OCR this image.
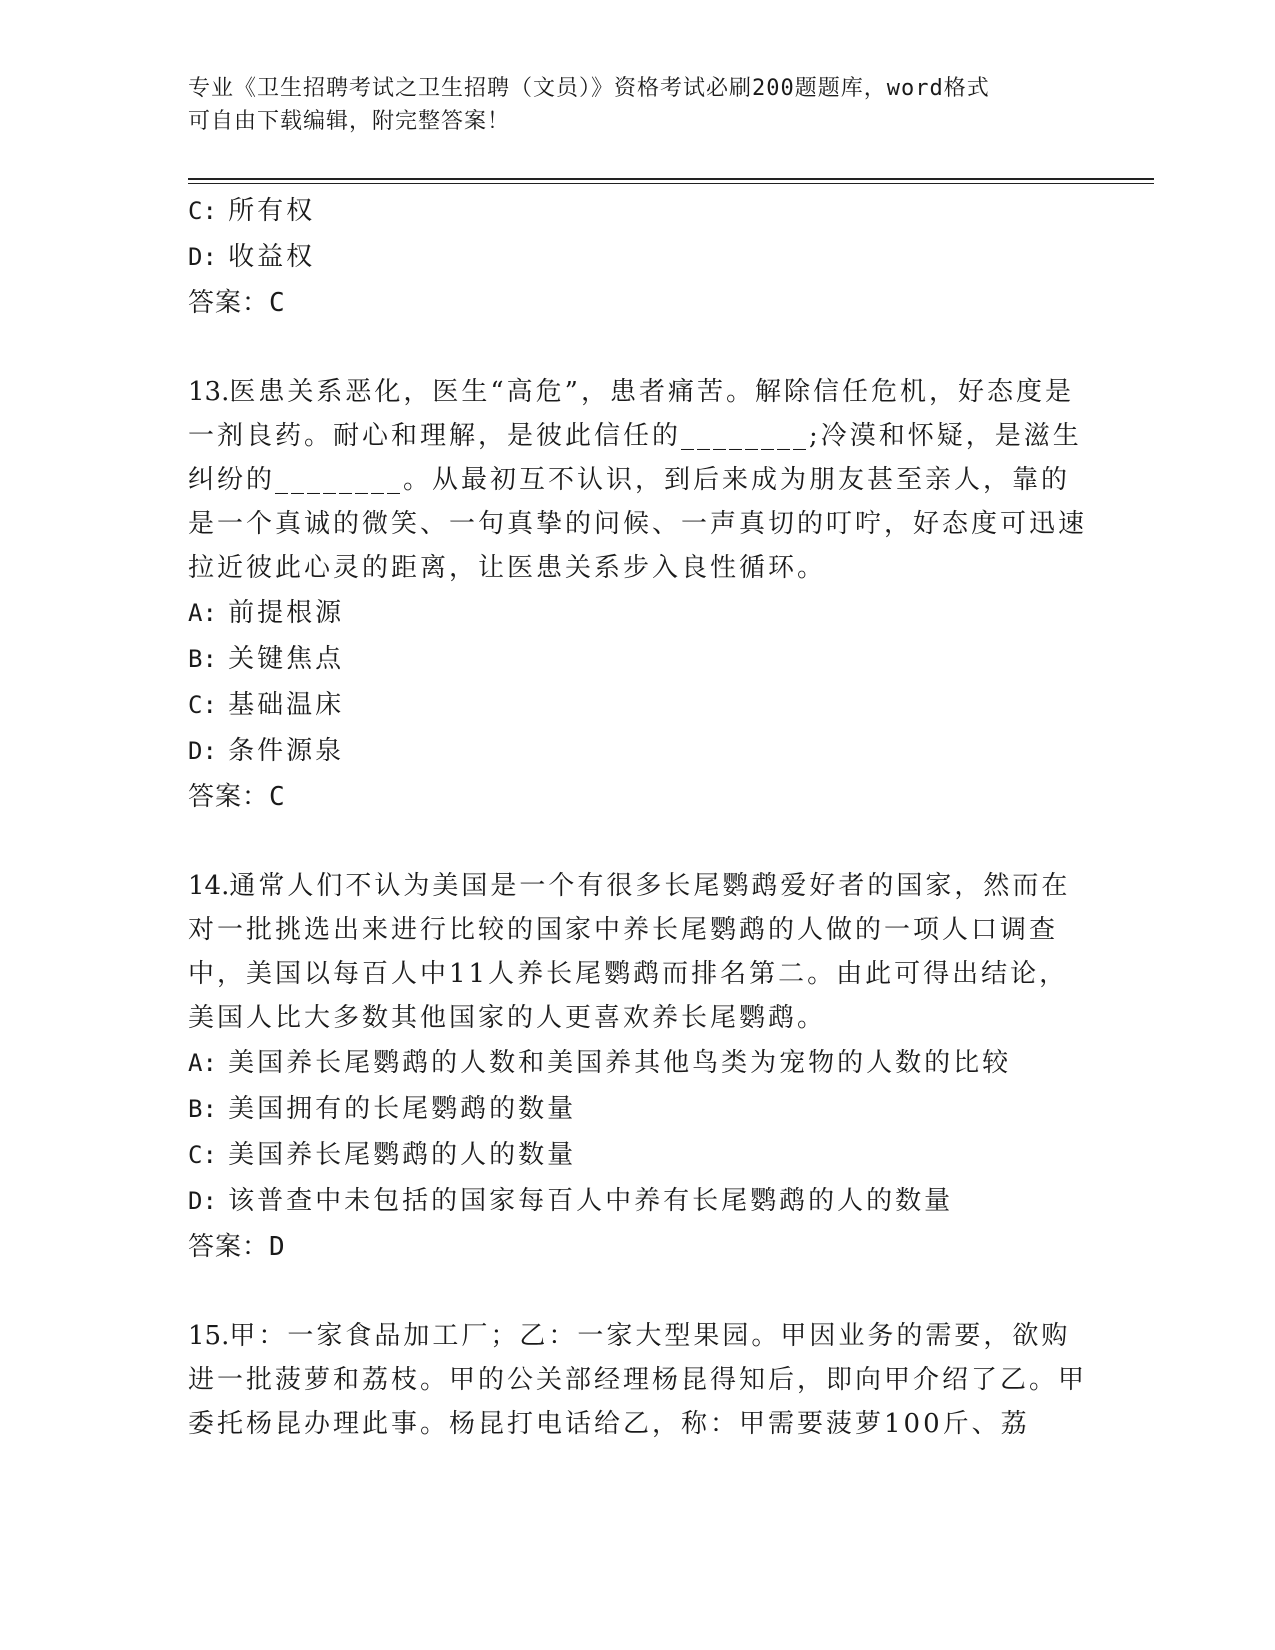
专业《卫生招聘考试之卫生招聘（文员）》资格考试必刷200题题库，word格式
可自由下载编辑，附完整答案！
C: 所有权
D: 收益权
答案：C
13.医患关系恶化，医生“高危”，患者痛苦。解除信任危机，好态度是一剂良药。耐心和理解，是彼此信任的________;冷漠和怀疑，是滋生纠纷的________。从最初互不认识，到后来成为朋友甚至亲人，靠的是一个真诚的微笑、一句真挚的问候、一声真切的叮咛，好态度可迅速拉近彼此心灵的距离，让医患关系步入良性循环。
A: 前提根源
B: 关键焦点
C: 基础温床
D: 条件源泉
答案：C
14.通常人们不认为美国是一个有很多长尾鹦鹉爱好者的国家，然而在对一批挑选出来进行比较的国家中养长尾鹦鹉的人做的一项人口调查中，美国以每百人中11人养长尾鹦鹉而排名第二。由此可得出结论，美国人比大多数其他国家的人更喜欢养长尾鹦鹉。
A: 美国养长尾鹦鹉的人数和美国养其他鸟类为宠物的人数的比较
B: 美国拥有的长尾鹦鹉的数量
C: 美国养长尾鹦鹉的人的数量
D: 该普查中未包括的国家每百人中养有长尾鹦鹉的人的数量
答案：D
15.甲：一家食品加工厂；乙：一家大型果园。甲因业务的需要，欲购进一批菠萝和荔枝。甲的公关部经理杨昆得知后，即向甲介绍了乙。甲委托杨昆办理此事。杨昆打电话给乙，称：甲需要菠萝100斤、荔
